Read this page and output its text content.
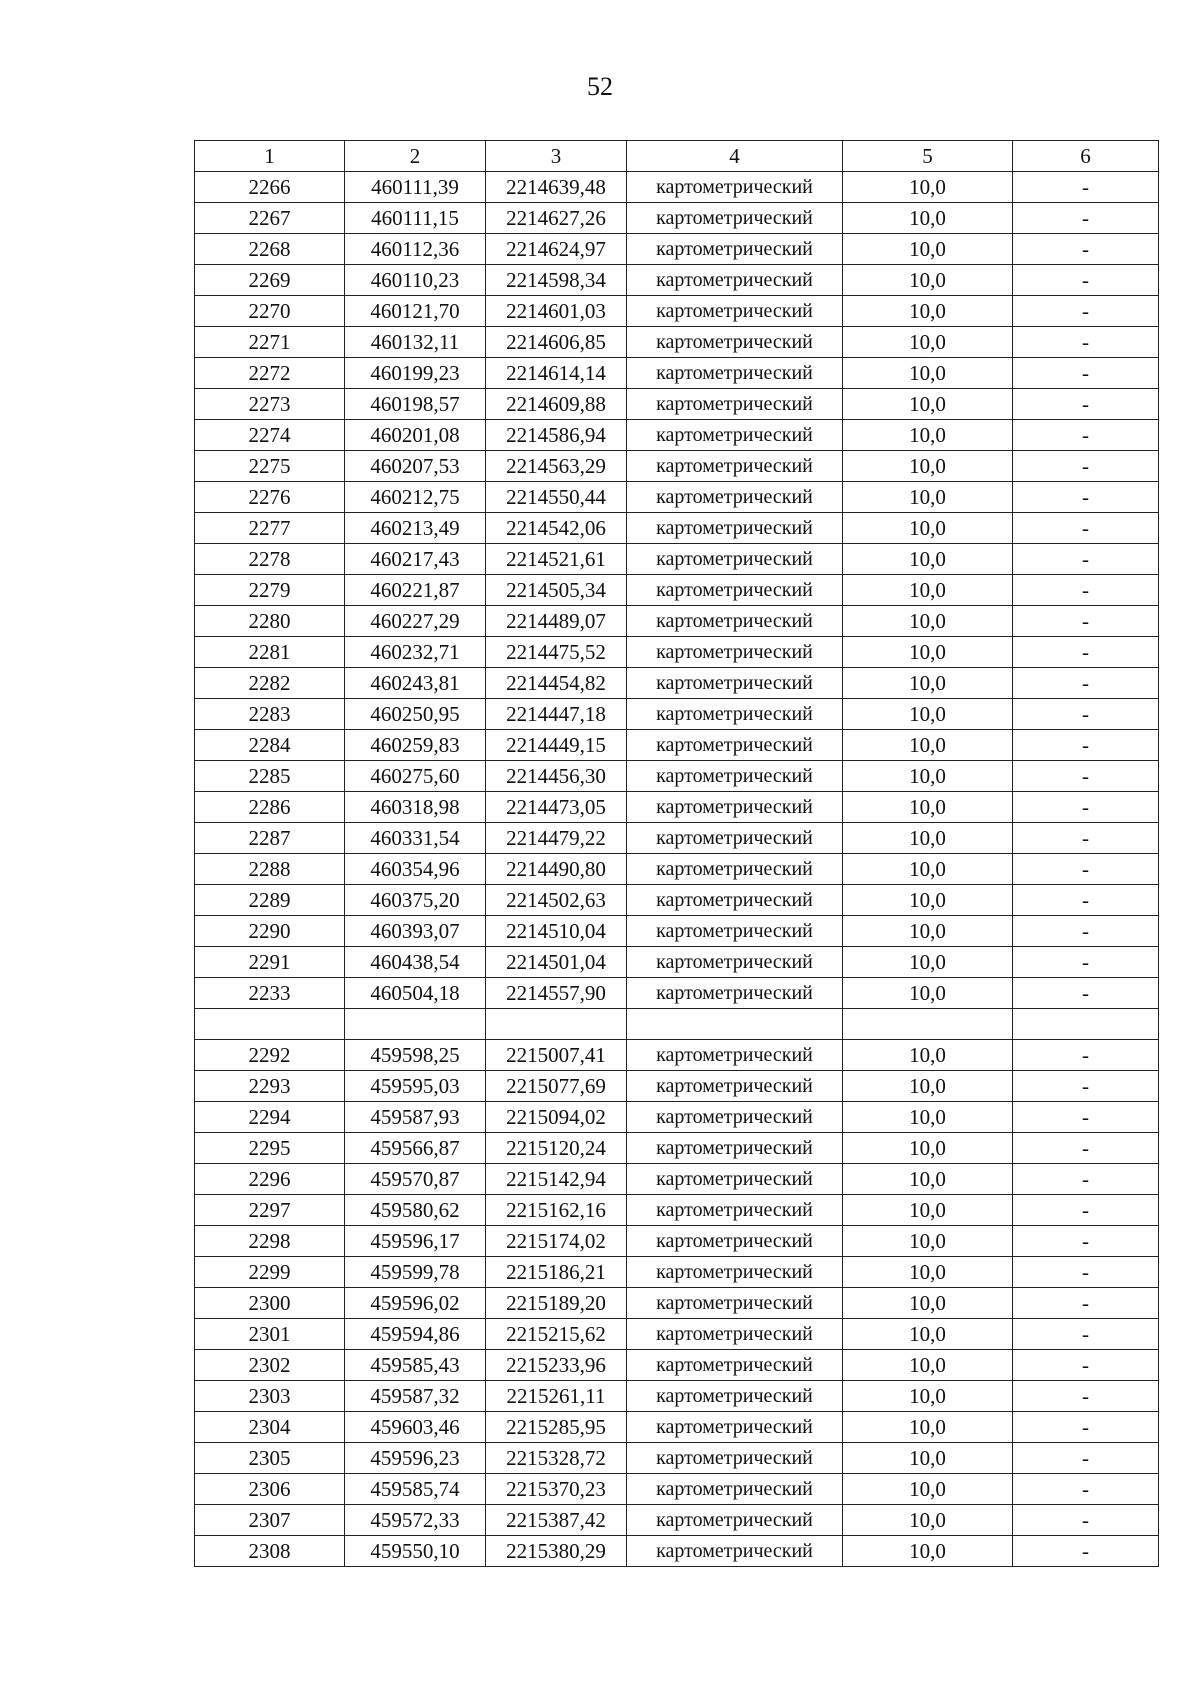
52
1	2	3	4	5	6
2266	460111,39	2214639,48	картометрический	10,0	-
2267	460111,15	2214627,26	картометрический	10,0	-
2268	460112,36	2214624,97	картометрический	10,0	-
2269	460110,23	2214598,34	картометрический	10,0	-
2270	460121,70	2214601,03	картометрический	10,0	-
2271	460132,11	2214606,85	картометрический	10,0	-
2272	460199,23	2214614,14	картометрический	10,0	-
2273	460198,57	2214609,88	картометрический	10,0	-
2274	460201,08	2214586,94	картометрический	10,0	-
2275	460207,53	2214563,29	картометрический	10,0	-
2276	460212,75	2214550,44	картометрический	10,0	-
2277	460213,49	2214542,06	картометрический	10,0	-
2278	460217,43	2214521,61	картометрический	10,0	-
2279	460221,87	2214505,34	картометрический	10,0	-
2280	460227,29	2214489,07	картометрический	10,0	-
2281	460232,71	2214475,52	картометрический	10,0	-
2282	460243,81	2214454,82	картометрический	10,0	-
2283	460250,95	2214447,18	картометрический	10,0	-
2284	460259,83	2214449,15	картометрический	10,0	-
2285	460275,60	2214456,30	картометрический	10,0	-
2286	460318,98	2214473,05	картометрический	10,0	-
2287	460331,54	2214479,22	картометрический	10,0	-
2288	460354,96	2214490,80	картометрический	10,0	-
2289	460375,20	2214502,63	картометрический	10,0	-
2290	460393,07	2214510,04	картометрический	10,0	-
2291	460438,54	2214501,04	картометрический	10,0	-
2233	460504,18	2214557,90	картометрический	10,0	-

2292	459598,25	2215007,41	картометрический	10,0	-
2293	459595,03	2215077,69	картометрический	10,0	-
2294	459587,93	2215094,02	картометрический	10,0	-
2295	459566,87	2215120,24	картометрический	10,0	-
2296	459570,87	2215142,94	картометрический	10,0	-
2297	459580,62	2215162,16	картометрический	10,0	-
2298	459596,17	2215174,02	картометрический	10,0	-
2299	459599,78	2215186,21	картометрический	10,0	-
2300	459596,02	2215189,20	картометрический	10,0	-
2301	459594,86	2215215,62	картометрический	10,0	-
2302	459585,43	2215233,96	картометрический	10,0	-
2303	459587,32	2215261,11	картометрический	10,0	-
2304	459603,46	2215285,95	картометрический	10,0	-
2305	459596,23	2215328,72	картометрический	10,0	-
2306	459585,74	2215370,23	картометрический	10,0	-
2307	459572,33	2215387,42	картометрический	10,0	-
2308	459550,10	2215380,29	картометрический	10,0	-
